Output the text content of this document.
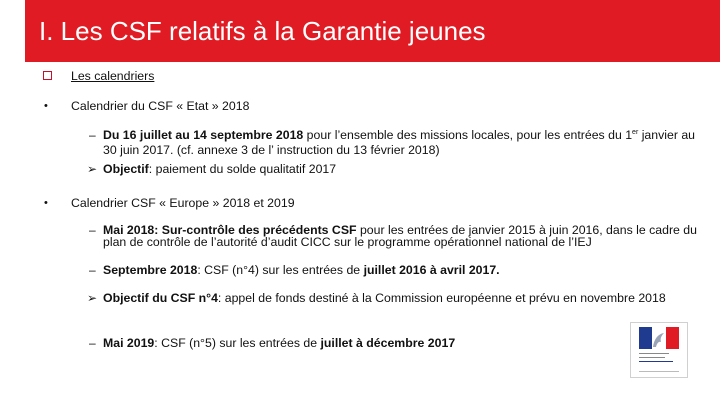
I. Les CSF relatifs à la Garantie jeunes
Les calendriers
• Calendrier du CSF « Etat » 2018
– Du 16 juillet au 14 septembre 2018 pour l’ensemble des missions locales, pour les entrées du 1er janvier au
30 juin 2017. (cf. annexe 3 de l’ instruction du 13 février 2018)
➢ Objectif: paiement du solde qualitatif 2017
• Calendrier CSF « Europe » 2018 et 2019
– Mai 2018: Sur-contrôle des précédents CSF pour les entrées de janvier 2015 à juin 2016, dans le cadre du
plan de contrôle de l’autorité d’audit CICC sur le programme opérationnel national de l’IEJ
– Septembre 2018: CSF (n°4) sur les entrées de juillet 2016 à avril 2017.
➢ Objectif du CSF n°4: appel de fonds destiné à la Commission européenne et prévu en novembre 2018
– Mai 2019: CSF (n°5) sur les entrées de juillet à décembre 2017
